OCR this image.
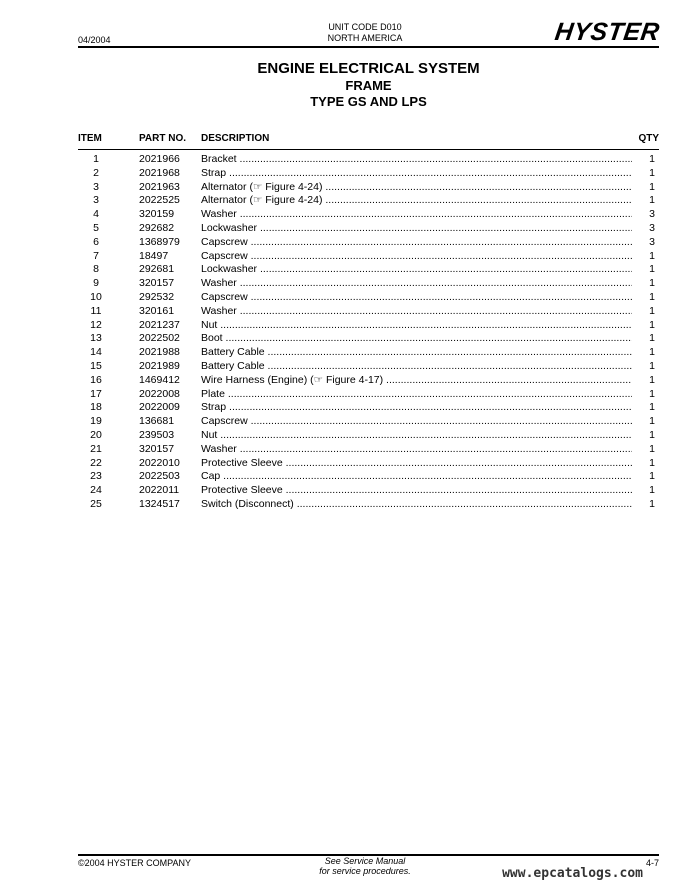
04/2004
UNIT CODE D010
NORTH AMERICA	HYSTER
ENGINE ELECTRICAL SYSTEM
FRAME
TYPE GS AND LPS
ITEM	PART NO. DESCRIPTION	QTY
1	2021966 Bracket .....	1
2	2021968 Strap .....	1
3	2021963 Alternator (☞ Figure 4-24) .....	1
3	2022525 Alternator (☞ Figure 4-24) .....	1
4	320159	Washer .....	3
5	292682	Lockwasher .....	3
6	1368979 Capscrew .....	3
7	18497	Capscrew .....	1
8	292681	Lockwasher .....	1
9	320157	Washer .....	1
10	292532	Capscrew .....	1
11	320161	Washer .....	1
12	2021237 Nut .....	1
13	2022502 Boot .....	1
14	2021988 Battery Cable .....	1
15	2021989 Battery Cable .....	1
16	1469412 Wire Harness (Engine) (☞ Figure 4-17) .....	1
17	2022008 Plate .....	1
18	2022009 Strap .....	1
19	136681	Capscrew .....	1
20	239503	Nut .....	1
21	320157	Washer .....	1
22	2022010 Protective Sleeve .....	1
23	2022503 Cap .....	1
24	2022011 Protective Sleeve .....	1
25	1324517 Switch (Disconnect) .....	1
©2004 HYSTER COMPANY	See Service Manual
for service procedures.
4-7
www.epcatalogs.com
